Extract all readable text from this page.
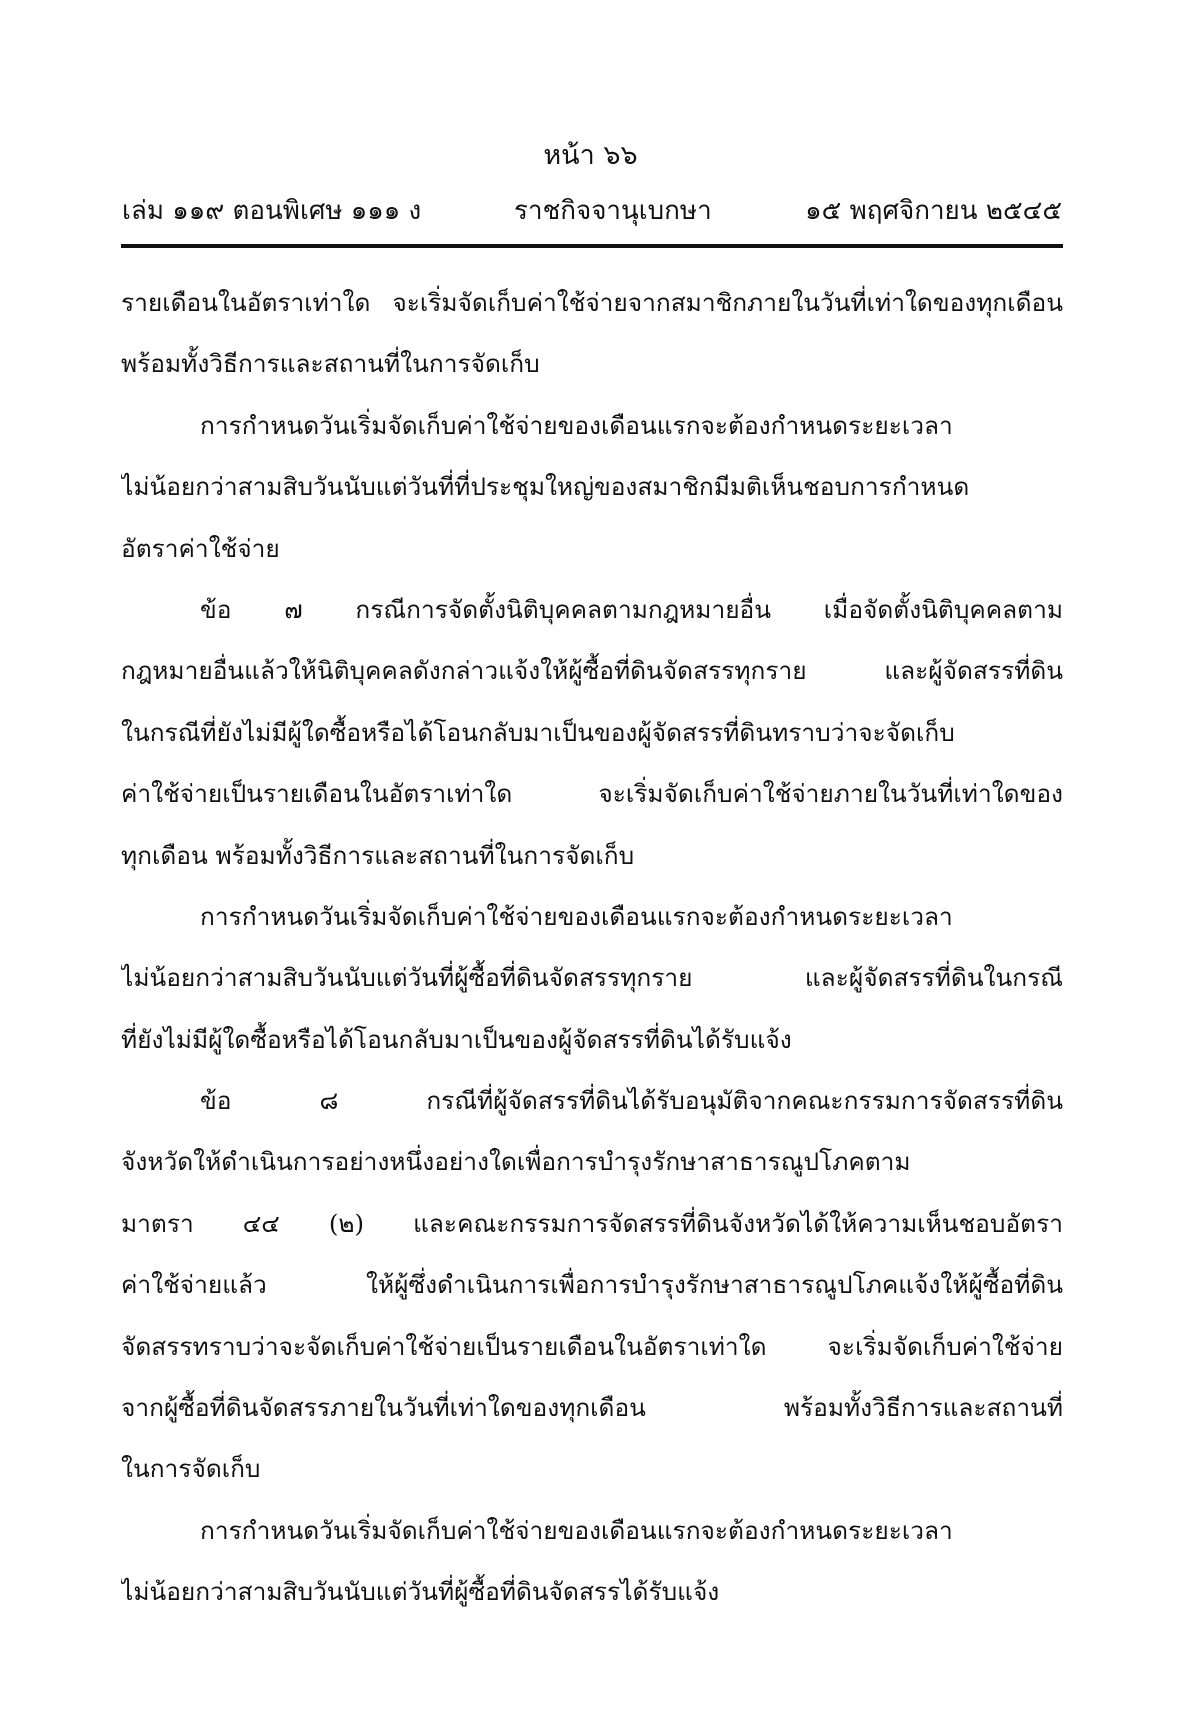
หน้า ๖๖
เล่ม ๑๑๙ ตอนพิเศษ ๑๑๑ ง	ราชกิจจานุเบกษา	๑๕ พฤศจิกายน ๒๕๔๕
รายเดือนในอัตราเท่าใด จะเริ่มจัดเก็บค่าใช้จ่ายจากสมาชิกภายในวันที่เท่าใดของทุกเดือน
พร้อมทั้งวิธีการและสถานที่ในการจัดเก็บ
การกำหนดวันเริ่มจัดเก็บค่าใช้จ่ายของเดือนแรกจะต้องกำหนดระยะเวลา
ไม่น้อยกว่าสามสิบวันนับแต่วันที่ที่ประชุมใหญ่ของสมาชิกมีมติเห็นชอบการกำหนด
อัตราค่าใช้จ่าย
ข้อ ๗ กรณีการจัดตั้งนิติบุคคลตามกฎหมายอื่น เมื่อจัดตั้งนิติบุคคลตาม
กฎหมายอื่นแล้วให้นิติบุคคลดังกล่าวแจ้งให้ผู้ซื้อที่ดินจัดสรรทุกราย และผู้จัดสรรที่ดิน
ในกรณีที่ยังไม่มีผู้ใดซื้อหรือได้โอนกลับมาเป็นของผู้จัดสรรที่ดินทราบว่าจะจัดเก็บ
ค่าใช้จ่ายเป็นรายเดือนในอัตราเท่าใด จะเริ่มจัดเก็บค่าใช้จ่ายภายในวันที่เท่าใดของ
ทุกเดือน พร้อมทั้งวิธีการและสถานที่ในการจัดเก็บ
การกำหนดวันเริ่มจัดเก็บค่าใช้จ่ายของเดือนแรกจะต้องกำหนดระยะเวลา
ไม่น้อยกว่าสามสิบวันนับแต่วันที่ผู้ซื้อที่ดินจัดสรรทุกราย และผู้จัดสรรที่ดินในกรณี
ที่ยังไม่มีผู้ใดซื้อหรือได้โอนกลับมาเป็นของผู้จัดสรรที่ดินได้รับแจ้ง
ข้อ ๘ กรณีที่ผู้จัดสรรที่ดินได้รับอนุมัติจากคณะกรรมการจัดสรรที่ดิน
จังหวัดให้ดำเนินการอย่างหนึ่งอย่างใดเพื่อการบำรุงรักษาสาธารณูปโภคตาม
มาตรา ๔๔ (๒) และคณะกรรมการจัดสรรที่ดินจังหวัดได้ให้ความเห็นชอบอัตรา
ค่าใช้จ่ายแล้ว ให้ผู้ซึ่งดำเนินการเพื่อการบำรุงรักษาสาธารณูปโภคแจ้งให้ผู้ซื้อที่ดิน
จัดสรรทราบว่าจะจัดเก็บค่าใช้จ่ายเป็นรายเดือนในอัตราเท่าใด จะเริ่มจัดเก็บค่าใช้จ่าย
จากผู้ซื้อที่ดินจัดสรรภายในวันที่เท่าใดของทุกเดือน พร้อมทั้งวิธีการและสถานที่
ในการจัดเก็บ
การกำหนดวันเริ่มจัดเก็บค่าใช้จ่ายของเดือนแรกจะต้องกำหนดระยะเวลา
ไม่น้อยกว่าสามสิบวันนับแต่วันที่ผู้ซื้อที่ดินจัดสรรได้รับแจ้ง
